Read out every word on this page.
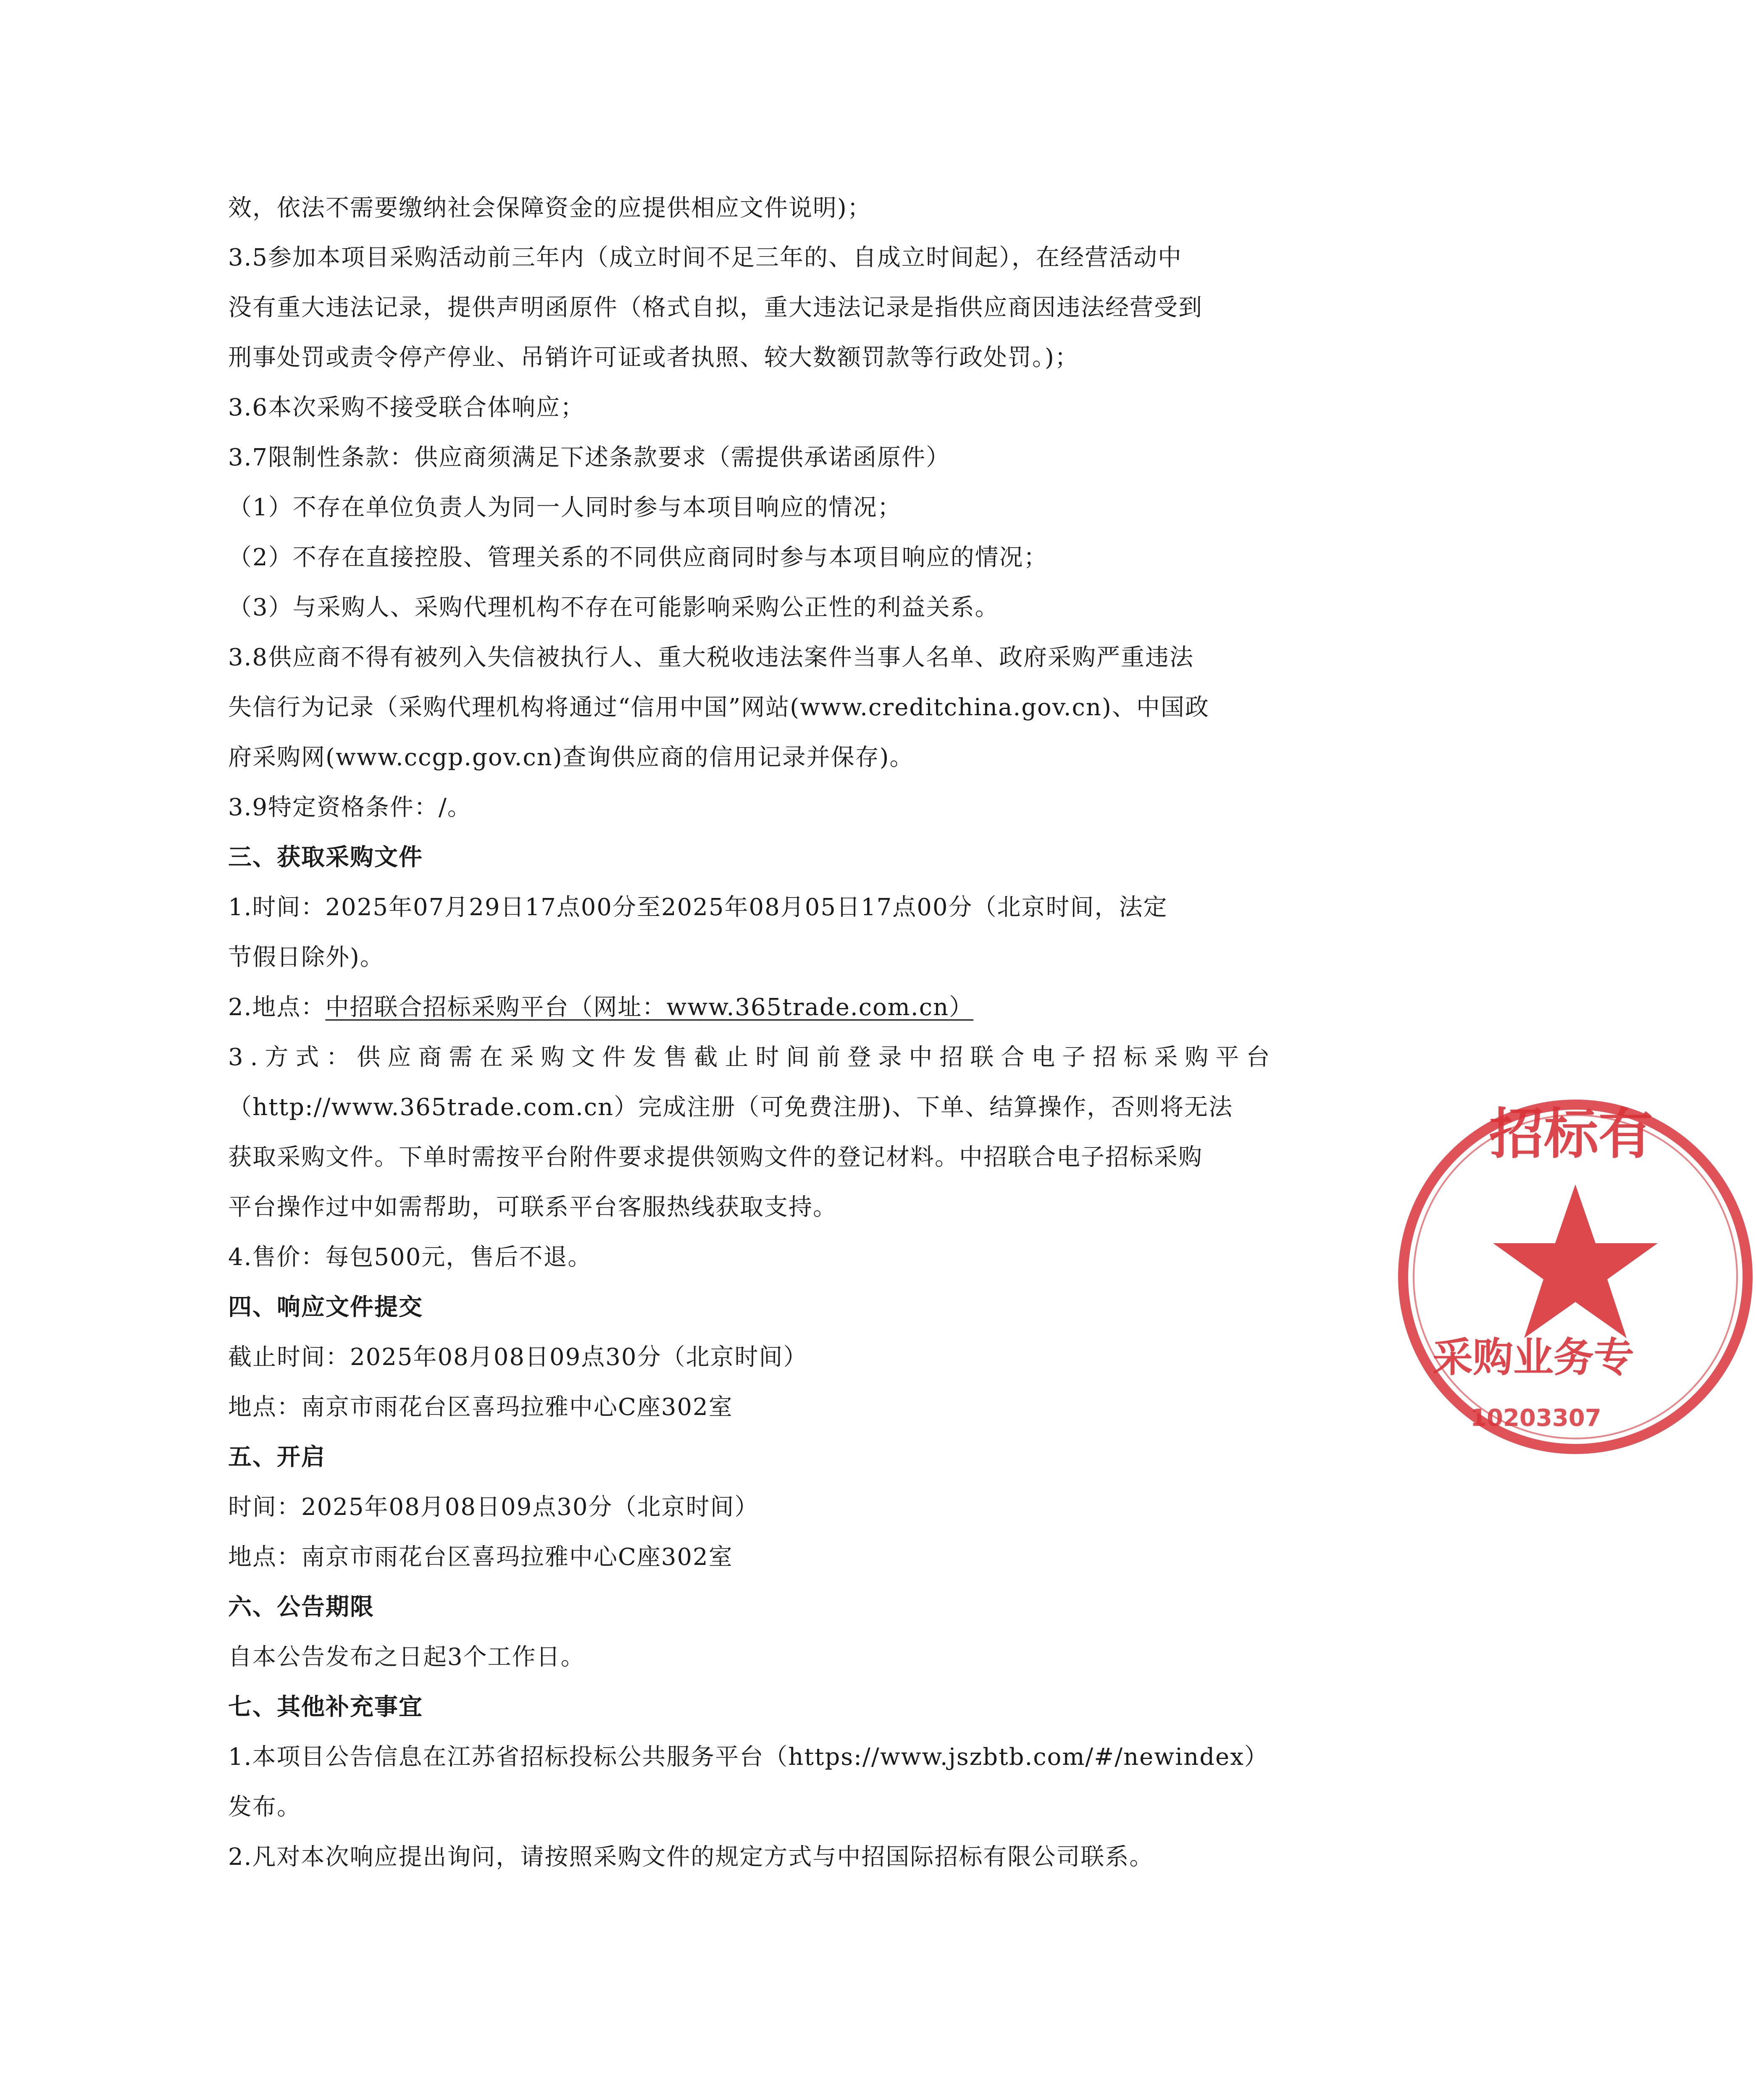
效，依法不需要缴纳社会保障资金的应提供相应文件说明)；
3.5参加本项目采购活动前三年内（成立时间不足三年的、自成立时间起），在经营活动中
没有重大违法记录，提供声明函原件（格式自拟，重大违法记录是指供应商因违法经营受到
刑事处罚或责令停产停业、吊销许可证或者执照、较大数额罚款等行政处罚。)；
3.6本次采购不接受联合体响应；
3.7限制性条款：供应商须满足下述条款要求（需提供承诺函原件）
（1）不存在单位负责人为同一人同时参与本项目响应的情况；
（2）不存在直接控股、管理关系的不同供应商同时参与本项目响应的情况；
（3）与采购人、采购代理机构不存在可能影响采购公正性的利益关系。
3.8供应商不得有被列入失信被执行人、重大税收违法案件当事人名单、政府采购严重违法
失信行为记录（采购代理机构将通过“信用中国”网站(www.creditchina.gov.cn)、中国政
府采购网(www.ccgp.gov.cn)查询供应商的信用记录并保存)。
3.9特定资格条件：/。
三、获取采购文件
1.时间：2025年07月29日17点00分至2025年08月05日17点00分（北京时间，法定
节假日除外)。
2.地点：中招联合招标采购平台（网址：www.365trade.com.cn）
3.方式：供应商需在采购文件发售截止时间前登录中招联合电子招标采购平台
（http://www.365trade.com.cn）完成注册（可免费注册)、下单、结算操作，否则将无法
获取采购文件。下单时需按平台附件要求提供领购文件的登记材料。中招联合电子招标采购
平台操作过中如需帮助，可联系平台客服热线获取支持。
4.售价：每包500元，售后不退。
四、响应文件提交
截止时间：2025年08月08日09点30分（北京时间）
地点：南京市雨花台区喜玛拉雅中心C座302室
五、开启
时间：2025年08月08日09点30分（北京时间）
地点：南京市雨花台区喜玛拉雅中心C座302室
六、公告期限
自本公告发布之日起3个工作日。
七、其他补充事宜
1.本项目公告信息在江苏省招标投标公共服务平台（https://www.jszbtb.com/#/newindex）
发布。
2.凡对本次响应提出询问，请按照采购文件的规定方式与中招国际招标有限公司联系。
招标有
采购业务专
10203307
